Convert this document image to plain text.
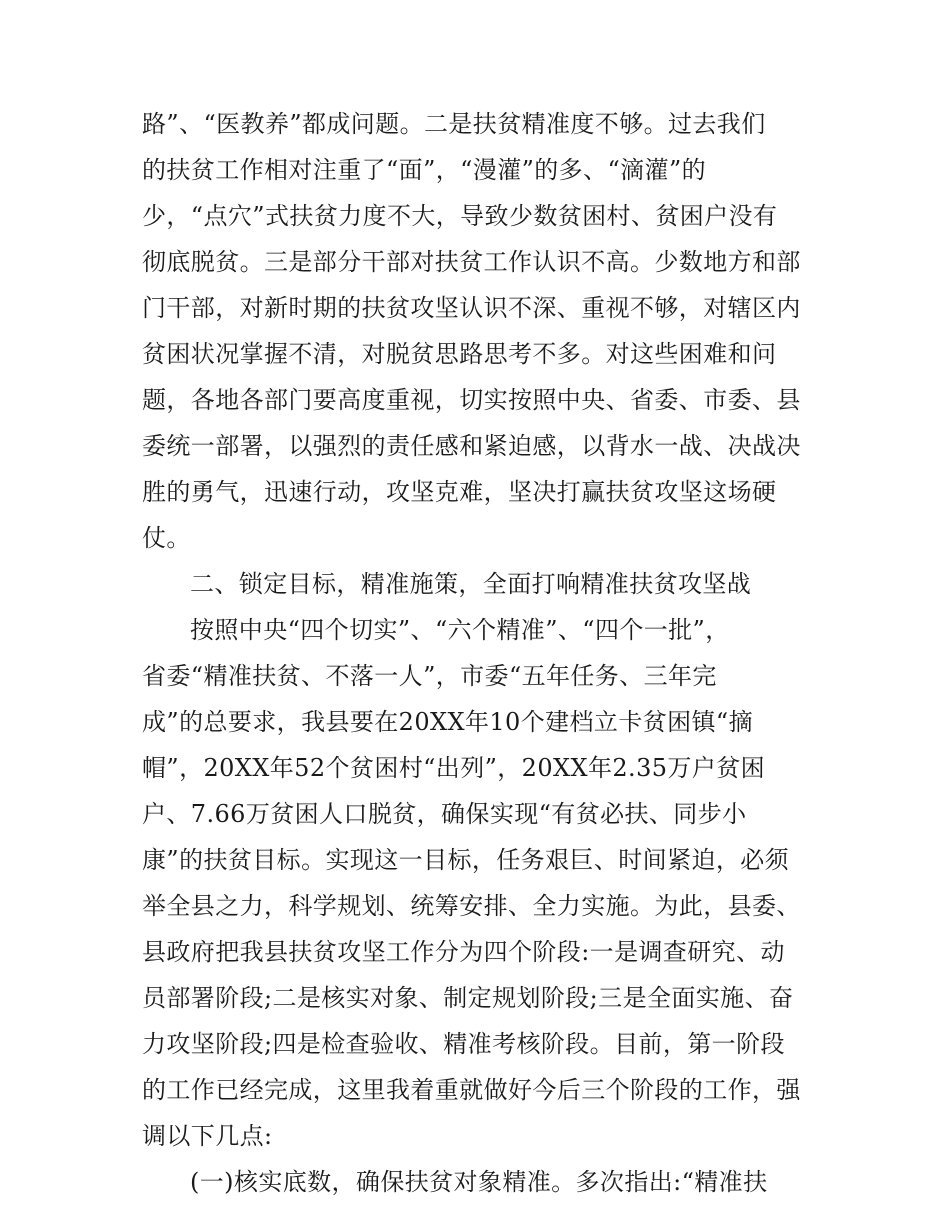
路”、“医教养”都成问题。二是扶贫精准度不够。过去我们
的扶贫工作相对注重了“面”，“漫灌”的多、“滴灌”的
少，“点穴”式扶贫力度不大，导致少数贫困村、贫困户没有
彻底脱贫。三是部分干部对扶贫工作认识不高。少数地方和部
门干部，对新时期的扶贫攻坚认识不深、重视不够，对辖区内
贫困状况掌握不清，对脱贫思路思考不多。对这些困难和问
题，各地各部门要高度重视，切实按照中央、省委、市委、县
委统一部署，以强烈的责任感和紧迫感，以背水一战、决战决
胜的勇气，迅速行动，攻坚克难，坚决打赢扶贫攻坚这场硬
仗。
二、锁定目标，精准施策，全面打响精准扶贫攻坚战
按照中央“四个切实”、“六个精准”、“四个一批”，
省委“精准扶贫、不落一人”，市委“五年任务、三年完
成”的总要求，我县要在20XX年10个建档立卡贫困镇“摘
帽”，20XX年52个贫困村“出列”，20XX年2.35万户贫困
户、7.66万贫困人口脱贫，确保实现“有贫必扶、同步小
康”的扶贫目标。实现这一目标，任务艰巨、时间紧迫，必须
举全县之力，科学规划、统筹安排、全力实施。为此，县委、
县政府把我县扶贫攻坚工作分为四个阶段:一是调查研究、动
员部署阶段;二是核实对象、制定规划阶段;三是全面实施、奋
力攻坚阶段;四是检查验收、精准考核阶段。目前，第一阶段
的工作已经完成，这里我着重就做好今后三个阶段的工作，强
调以下几点:
(一)核实底数，确保扶贫对象精准。多次指出:“精准扶
